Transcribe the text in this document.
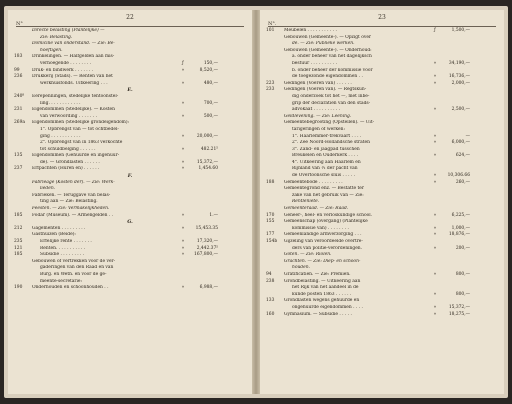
22
N°
Directe belasting (Plantelijke) —
Zie: Belasting.
Domicilie van onderstand. — Zie: Be-
hoeftigen.
183	Drinkelingen. — Halfgelden aan mis-
vernoegende . . . . . . . .	ƒ	150,—
99	Druk- en bindwerk . . . . . . .	»	8,520,—
236	Drukkerij (Stads). — Renten van het
werkhuisfonds. Uitkeering . . .	»	480,—
E.
240⁸	Eerepenningen, stedelijke tentoonstel-
ling. . . . . . . . . . . .	»	700,—
231	Eigendommen (Stedelijke). — Kosten
van verwoording . . . . . . .	»	500,—
269a	Eigendommen (Stedelijke grondeigendom):
1°. Opbrengst van — tot ochtbedel-
ging . . . . . . . . . . .	»	20,000,—
2°. Opbrengst van in 1863 verkochte
tot schuldbelging . . . . . .	»	482.21⁵
135	Eigendommen (Gehuurde en ingehuur-
de). — Grondlasten . . . . . .	»	15,372,—
237	Erfpachten (Huren en) . . . . . .	»	1,454.60
F.
Fabrieage (Kosten der). — Zie: Werk-
lieden.
Fabrieken. — Teruggave van belas-
ting aan — Zie: Belasting.
Feesten. — Zie: Vermakelijkheden.
185	Fodar (Museum). — Armengelden . .	»	1.—
G.
212	Gagementen . . . . . . . . .	»	15,453.35
Gasthuizen (Beide):
235	Erfelijke rente . . . . . . .	»	17,320,—
121	Renten. . . . . . . . . . .	»	2,442.37⁵
185	Subsidie . . . . . . . . .	»	167,800,—
Gebouwen of vertrekken voor de ver-
gaderingen van den Raad en van
Burg. en Weth. en voor de ge-
meente-secretarie:
190	Onderhouden en schoonhouden . .	»	6,988,—
23
N°.
101	Meubelen . . . . . . . . . . .	ƒ	1,500,—
Gebouwen (Gemeente-). — Opzigt over
de. — Zie: Publieke werken.
Gebouwen (Gemeente-). — Onderhoud:
a. onder beheer van het dagelijksch
bestuur . . . . . . . . . .	»	34,190,—
b. onder beheer der kommissie voor
de toegezonde eigendommen . .	»	16,736,—
223	Gedingen (Voeren van) . . . . . .	»	2,000,—
233	Gedingen (Voeren van). — Regtskun-
dig onderzoek tot het —, met inbe-
grip der declaratiën van den stads-
advokaat . . . . . . . . . .	»	2,500,—
Geldlevening. — Zie: Leening.
Gemeentebegrooting (Opstellen). — Uit-
tarigeringen of werken:
1°. Haarlemmer-trekvaart . . . .	»	—
2°. Zee Noord-Hollandsche straten	»	6,000,—
3°. Zand- en jaagpad tusschen
Breukelen en Ouderkerk . . . .	»	624,—
4°. Uitkeering aan Haarlem en
Rijnland van ¹⁄₁ der pacht van
de Overtoonsche sluis . . . . .	»	10,306.66
188	Gemeentebode . . . . . . . . .	»	260,—
Gemeentegrond enz. — Bestätte ter
zake van het gebruik van — Zie:
Rentleniete.
Gemeenteraad. — Zie: Raad.
170	Geneer-, heel- en verloskundige school.	»	6,225,—
155	Gemeenschap (overgang) (Plantelijke
kommissie van) . . . . . . . .	»	1,000,—
177	Gemeenlandige armverzorging . . .	»	18,876,—
154b	Gijzeling van veroordeelde overtre-
ders van politie-verordeningen.	»	200,—
Goten. — Zie: Riolen.
Grachten. — Zie: Diep- en schoon-
houden.
94	Gratificatiën. — Zie: Premiën.	»	800,—
238	Grondbelasting. — Uitkeering aan
het Rijk van het aandeel in de
kunde posten 1863 . . . . . .	»	800,—
133	Grondlasten wegens gehuurde en
ongehuurde eigendommen . . . .	»	15,372,—
160	Gymnasium. — Subsidie . . . . .	»	18,275,—
